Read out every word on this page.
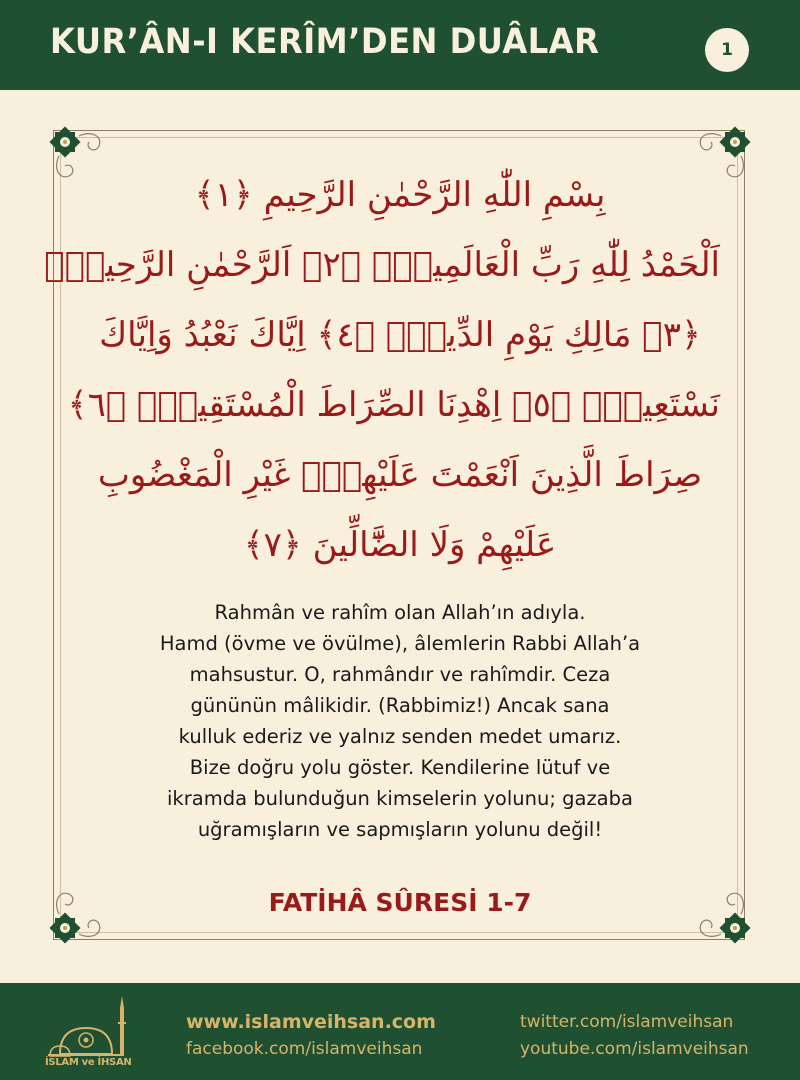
KUR’ÂN-I KERÎM’DEN DUÂLAR	1
بِسْمِ اللّٰهِ الرَّحْمٰنِ الرَّحِيمِ ﴿١﴾
اَلْحَمْدُ لِلّٰهِ رَبِّ الْعَالَمِينَۙ ﴿٢﴾ اَلرَّحْمٰنِ الرَّحِيمِۙ
﴿٣﴾ مَالِكِ يَوْمِ الدِّينِۜ ﴿٤﴾ اِيَّاكَ نَعْبُدُ وَاِيَّاكَ
نَسْتَعِينُۜ ﴿٥﴾ اِهْدِنَا الصِّرَاطَ الْمُسْتَقِيمَۙ ﴿٦﴾
صِرَاطَ الَّذِينَ اَنْعَمْتَ عَلَيْهِمْۙ غَيْرِ الْمَغْضُوبِ
عَلَيْهِمْ وَلَا الضَّٓالِّينَ ﴿٧﴾
Rahmân ve rahîm olan Allah’ın adıyla.
Hamd (övme ve övülme), âlemlerin Rabbi Allah’a
mahsustur. O, rahmândır ve rahîmdir. Ceza
gününün mâlikidir. (Rabbimiz!) Ancak sana
kulluk ederiz ve yalnız senden medet umarız.
Bize doğru yolu göster. Kendilerine lütuf ve
ikramda bulunduğun kimselerin yolunu; gazaba
uğramışların ve sapmışların yolunu değil!
FATİHÂ SÛRESİ 1-7
İSLAM ve İHSAN
www.islamveihsan.com
facebook.com/islamveihsan
twitter.com/islamveihsan
youtube.com/islamveihsan
